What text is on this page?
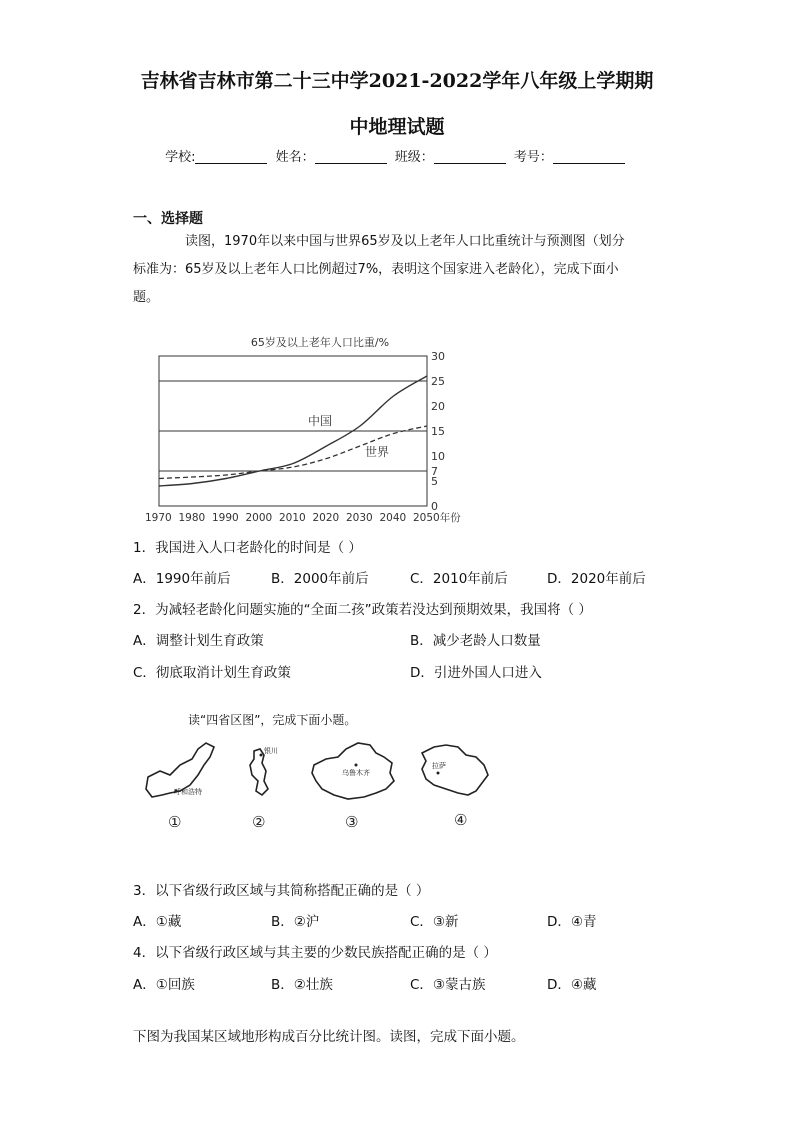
吉林省吉林市第二十三中学2021-2022学年八年级上学期期
中地理试题
学校:	姓名：	班级：	考号：
一、选择题
读图，1970年以来中国与世界65岁及以上老年人口比重统计与预测图（划分
标准为：65岁及以上老年人口比例超过7%，表明这个国家进入老龄化），完成下面小
题。
65岁及以上老年人口比重/%
0
5
7
10
15
20
25
30
1970 1980 1990 2000 2010 2020 2030 2040 2050年份
中国
世界
1．我国进入人口老龄化的时间是（ ）
A．1990年前后	B．2000年前后	C．2010年前后	D．2020年前后
2．为减轻老龄化问题实施的“全面二孩”政策若没达到预期效果，我国将（ ）
A．调整计划生育政策	B．减少老龄人口数量
C．彻底取消计划生育政策	D．引进外国人口进入
读“四省区图”，完成下面小题。
呼和浩特
①
银川
②
乌鲁木齐
③
拉萨
④
3．以下省级行政区域与其简称搭配正确的是（ ）
A．①藏	B．②沪	C．③新	D．④青
4．以下省级行政区域与其主要的少数民族搭配正确的是（ ）
A．①回族	B．②壮族	C．③蒙古族	D．④藏
下图为我国某区域地形构成百分比统计图。读图，完成下面小题。
